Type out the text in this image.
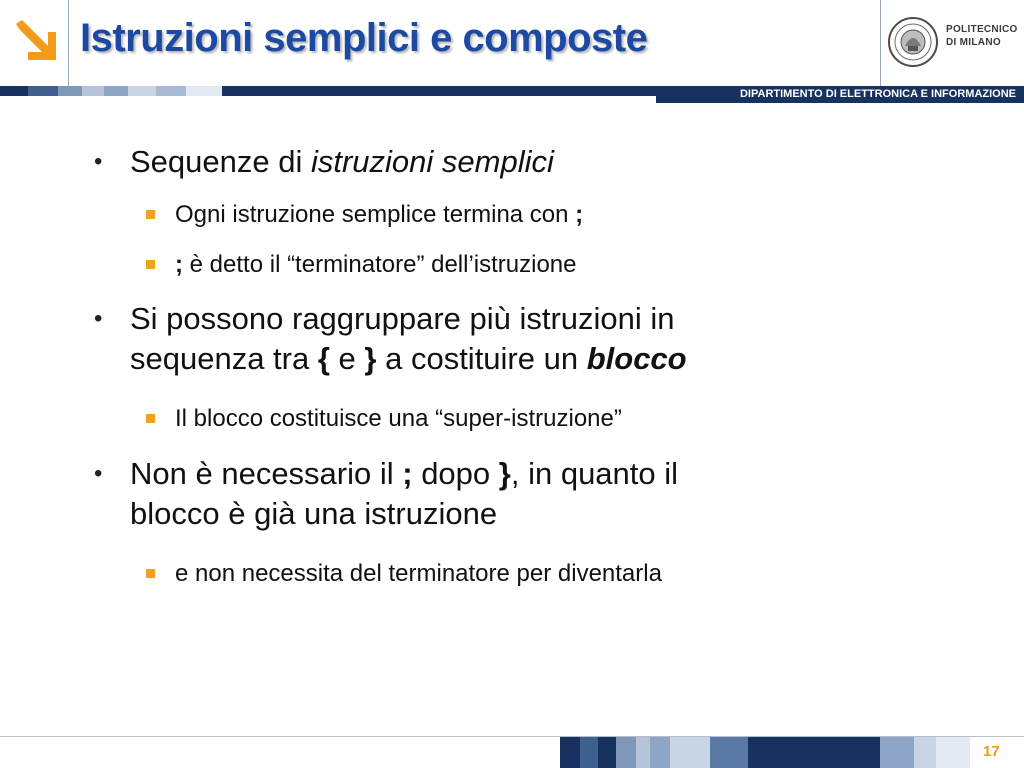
Istruzioni semplici e composte	POLITECNICO
DI MILANO
DIPARTIMENTO DI ELETTRONICA E INFORMAZIONE
• Sequenze di istruzioni semplici
Ogni istruzione semplice termina con ;
; è detto il “terminatore” dell’istruzione
• Si possono raggruppare più istruzioni in
sequenza tra { e } a costituire un blocco
Il blocco costituisce una “super-istruzione”
• Non è necessario il ; dopo }, in quanto il
blocco è già una istruzione
e non necessita del terminatore per diventarla
17
